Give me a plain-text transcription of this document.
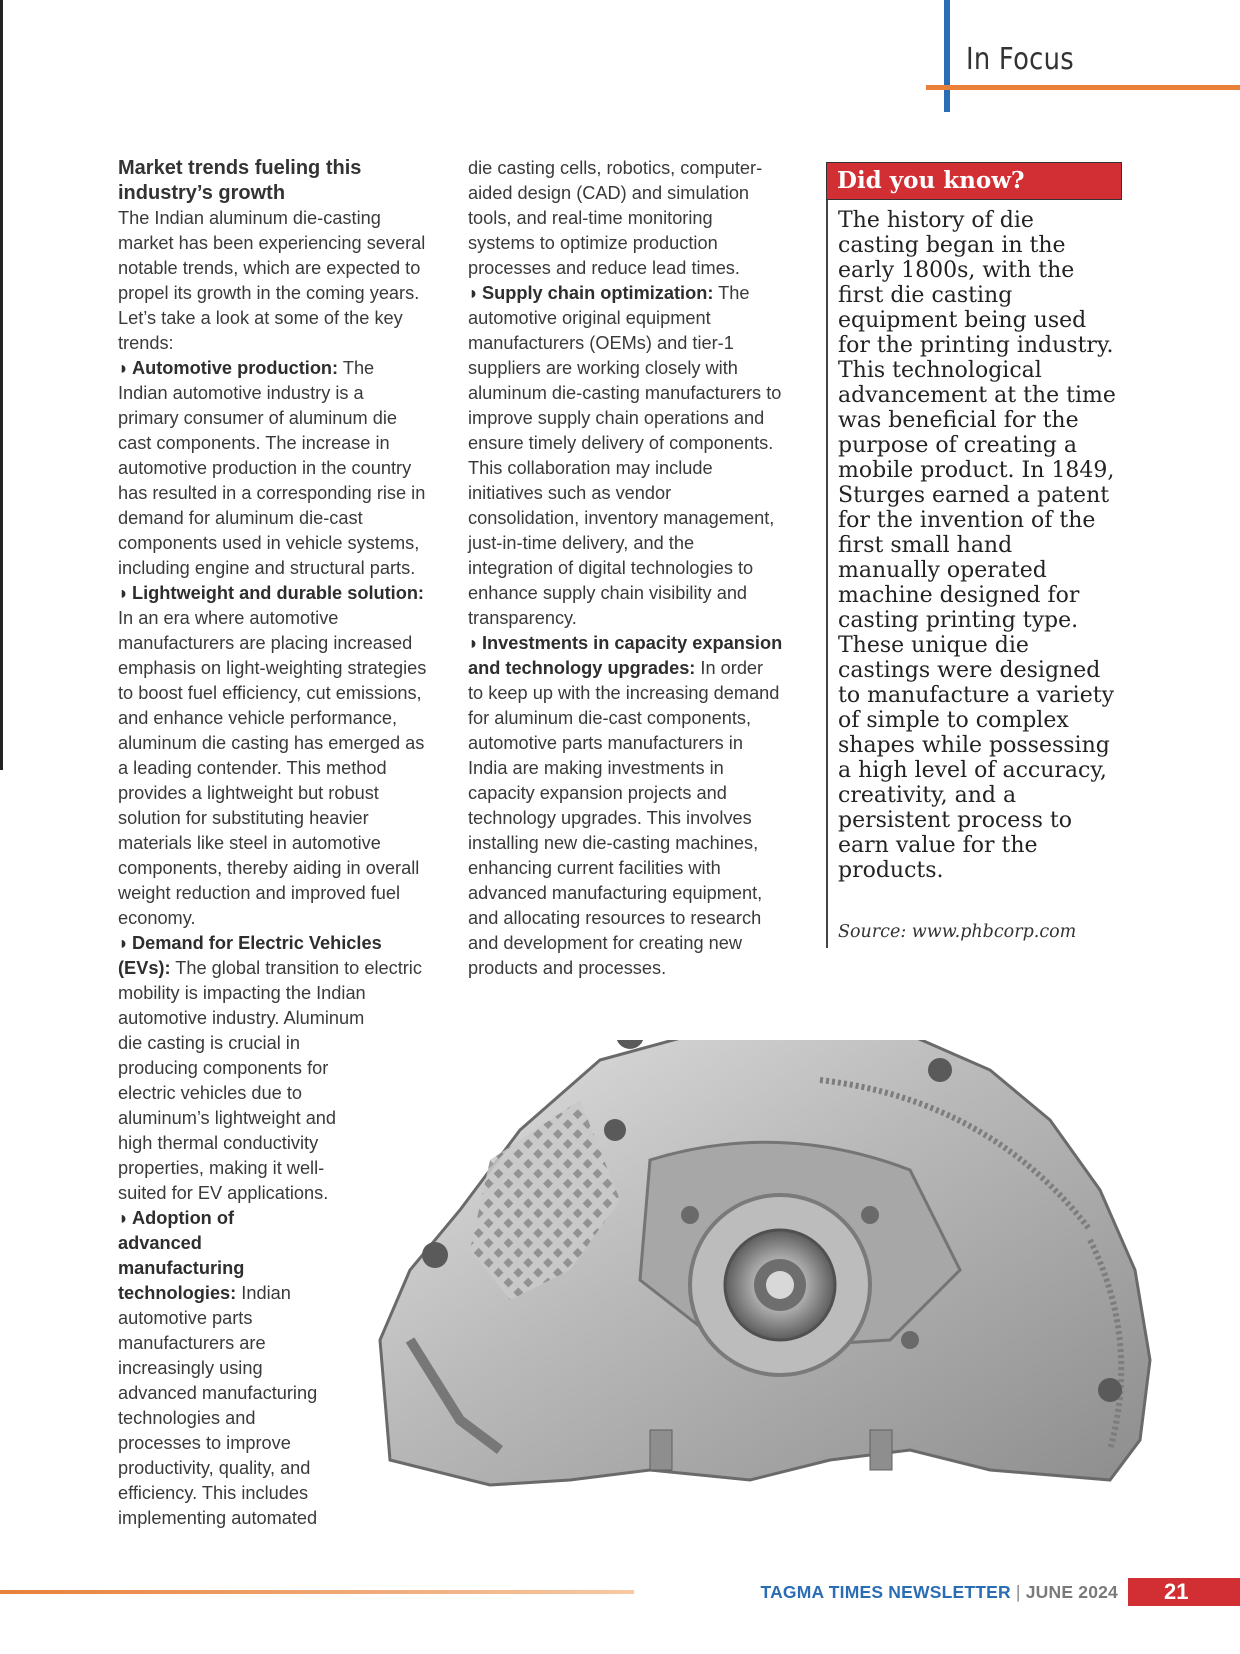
In Focus
Market trends fueling this industry’s growth

The Indian aluminum die-casting market has been experiencing several notable trends, which are expected to propel its growth in the coming years. Let’s take a look at some of the key trends:

◗ Automotive production: The Indian automotive industry is a primary consumer of aluminum die cast components. The increase in automotive production in the country has resulted in a corresponding rise in demand for aluminum die-cast components used in vehicle systems, including engine and structural parts.

◗ Lightweight and durable solution: In an era where automotive manufacturers are placing increased emphasis on light-weighting strategies to boost fuel efficiency, cut emissions, and enhance vehicle performance, aluminum die casting has emerged as a leading contender. This method provides a lightweight but robust solution for substituting heavier materials like steel in automotive components, thereby aiding in overall weight reduction and improved fuel economy.

◗ Demand for Electric Vehicles (EVs): The global transition to electric mobility is impacting the Indian automotive industry. Aluminum
die casting is crucial in producing components for electric vehicles due to aluminum’s lightweight and high thermal conductivity properties, making it well-suited for EV applications.

◗ Adoption of advanced manufacturing technologies: Indian automotive parts manufacturers are increasingly using advanced manufacturing technologies and processes to improve productivity, quality, and efficiency. This includes implementing automated

die casting cells, robotics, computer-aided design (CAD) and simulation tools, and real-time monitoring systems to optimize production processes and reduce lead times.

◗ Supply chain optimization: The automotive original equipment manufacturers (OEMs) and tier-1 suppliers are working closely with aluminum die-casting manufacturers to improve supply chain operations and ensure timely delivery of components. This collaboration may include initiatives such as vendor consolidation, inventory management, just-in-time delivery, and the integration of digital technologies to enhance supply chain visibility and transparency.

◗ Investments in capacity expansion and technology upgrades: In order to keep up with the increasing demand for aluminum die-cast components, automotive parts manufacturers in India are making investments in capacity expansion projects and technology upgrades. This involves installing new die-casting machines, enhancing current facilities with advanced manufacturing equipment, and allocating resources to research and development for creating new products and processes.

Did you know?
The history of die casting began in the early 1800s, with the first die casting equipment being used for the printing industry. This technological advancement at the time was beneficial for the purpose of creating a mobile product. In 1849, Sturges earned a patent for the invention of the first small hand manually operated machine designed for casting printing type. These unique die castings were designed to manufacture a variety of simple to complex shapes while possessing a high level of accuracy, creativity, and a persistent process to earn value for the products.
Source: www.phbcorp.com
TAGMA TIMES NEWSLETTER | JUNE 2024	21
